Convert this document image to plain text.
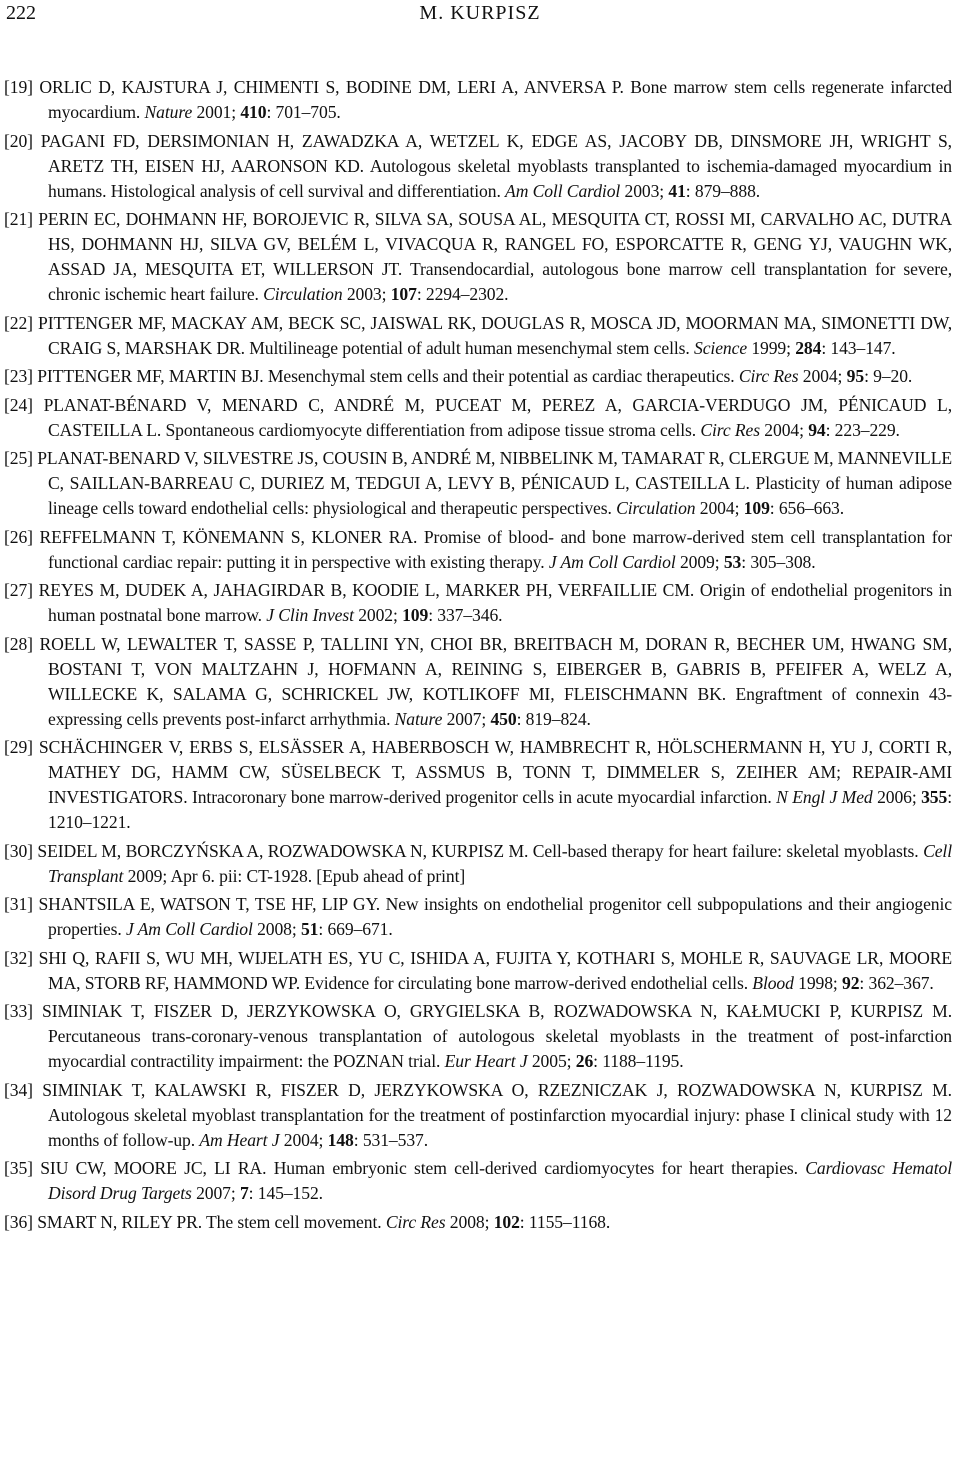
222	M. KURPISZ
[19] ORLIC D, KAJSTURA J, CHIMENTI S, BODINE DM, LERI A, ANVERSA P. Bone marrow stem cells regenerate infarcted myocardium. Nature 2001; 410: 701–705.
[20] PAGANI FD, DERSIMONIAN H, ZAWADZKA A, WETZEL K, EDGE AS, JACOBY DB, DINSMORE JH, WRIGHT S, ARETZ TH, EISEN HJ, AARONSON KD. Autologous skeletal myoblasts transplanted to ischemia-damaged myocardium in humans. Histological analysis of cell survival and differentiation. Am Coll Cardiol 2003; 41: 879–888.
[21] PERIN EC, DOHMANN HF, BOROJEVIC R, SILVA SA, SOUSA AL, MESQUITA CT, ROSSI MI, CARVALHO AC, DUTRA HS, DOHMANN HJ, SILVA GV, BELÉM L, VIVACQUA R, RANGEL FO, ESPORCATTE R, GENG YJ, VAUGHN WK, ASSAD JA, MESQUITA ET, WILLERSON JT. Transendocardial, autologous bone marrow cell transplantation for severe, chronic ischemic heart failure. Circulation 2003; 107: 2294–2302.
[22] PITTENGER MF, MACKAY AM, BECK SC, JAISWAL RK, DOUGLAS R, MOSCA JD, MOORMAN MA, SIMONETTI DW, CRAIG S, MARSHAK DR. Multilineage potential of adult human mesenchymal stem cells. Science 1999; 284: 143–147.
[23] PITTENGER MF, MARTIN BJ. Mesenchymal stem cells and their potential as cardiac therapeutics. Circ Res 2004; 95: 9–20.
[24] PLANAT-BÉNARD V, MENARD C, ANDRÉ M, PUCEAT M, PEREZ A, GARCIA-VERDUGO JM, PÉNICAUD L, CASTEILLA L. Spontaneous cardiomyocyte differentiation from adipose tissue stroma cells. Circ Res 2004; 94: 223–229.
[25] PLANAT-BENARD V, SILVESTRE JS, COUSIN B, ANDRÉ M, NIBBELINK M, TAMARAT R, CLERGUE M, MANNEVILLE C, SAILLAN-BARREAU C, DURIEZ M, TEDGUI A, LEVY B, PÉNICAUD L, CASTEILLA L. Plasticity of human adipose lineage cells toward endothelial cells: physiological and therapeutic perspectives. Circulation 2004; 109: 656–663.
[26] REFFELMANN T, KÖNEMANN S, KLONER RA. Promise of blood- and bone marrow-derived stem cell transplantation for functional cardiac repair: putting it in perspective with existing therapy. J Am Coll Cardiol 2009; 53: 305–308.
[27] REYES M, DUDEK A, JAHAGIRDAR B, KOODIE L, MARKER PH, VERFAILLIE CM. Origin of endothelial progenitors in human postnatal bone marrow. J Clin Invest 2002; 109: 337–346.
[28] ROELL W, LEWALTER T, SASSE P, TALLINI YN, CHOI BR, BREITBACH M, DORAN R, BECHER UM, HWANG SM, BOSTANI T, VON MALTZAHN J, HOFMANN A, REINING S, EIBERGER B, GABRIS B, PFEIFER A, WELZ A, WILLECKE K, SALAMA G, SCHRICKEL JW, KOTLIKOFF MI, FLEISCHMANN BK. Engraftment of connexin 43-expressing cells prevents post-infarct arrhythmia. Nature 2007; 450: 819–824.
[29] SCHÄCHINGER V, ERBS S, ELSÄSSER A, HABERBOSCH W, HAMBRECHT R, HÖLSCHERMANN H, YU J, CORTI R, MATHEY DG, HAMM CW, SÜSELBECK T, ASSMUS B, TONN T, DIMMELER S, ZEIHER AM; REPAIR-AMI INVESTIGATORS. Intracoronary bone marrow-derived progenitor cells in acute myocardial infarction. N Engl J Med 2006; 355: 1210–1221.
[30] SEIDEL M, BORCZYŃSKA A, ROZWADOWSKA N, KURPISZ M. Cell-based therapy for heart failure: skeletal myoblasts. Cell Transplant 2009; Apr 6. pii: CT-1928. [Epub ahead of print]
[31] SHANTSILA E, WATSON T, TSE HF, LIP GY. New insights on endothelial progenitor cell subpopulations and their angiogenic properties. J Am Coll Cardiol 2008; 51: 669–671.
[32] SHI Q, RAFII S, WU MH, WIJELATH ES, YU C, ISHIDA A, FUJITA Y, KOTHARI S, MOHLE R, SAUVAGE LR, MOORE MA, STORB RF, HAMMOND WP. Evidence for circulating bone marrow-derived endothelial cells. Blood 1998; 92: 362–367.
[33] SIMINIAK T, FISZER D, JERZYKOWSKA O, GRYGIELSKA B, ROZWADOWSKA N, KAŁMUCKI P, KURPISZ M. Percutaneous trans-coronary-venous transplantation of autologous skeletal myoblasts in the treatment of post-infarction myocardial contractility impairment: the POZNAN trial. Eur Heart J 2005; 26: 1188–1195.
[34] SIMINIAK T, KALAWSKI R, FISZER D, JERZYKOWSKA O, RZEZNICZAK J, ROZWADOWSKA N, KURPISZ M. Autologous skeletal myoblast transplantation for the treatment of postinfarction myocardial injury: phase I clinical study with 12 months of follow-up. Am Heart J 2004; 148: 531–537.
[35] SIU CW, MOORE JC, LI RA. Human embryonic stem cell-derived cardiomyocytes for heart therapies. Cardiovasc Hematol Disord Drug Targets 2007; 7: 145–152.
[36] SMART N, RILEY PR. The stem cell movement. Circ Res 2008; 102: 1155–1168.
